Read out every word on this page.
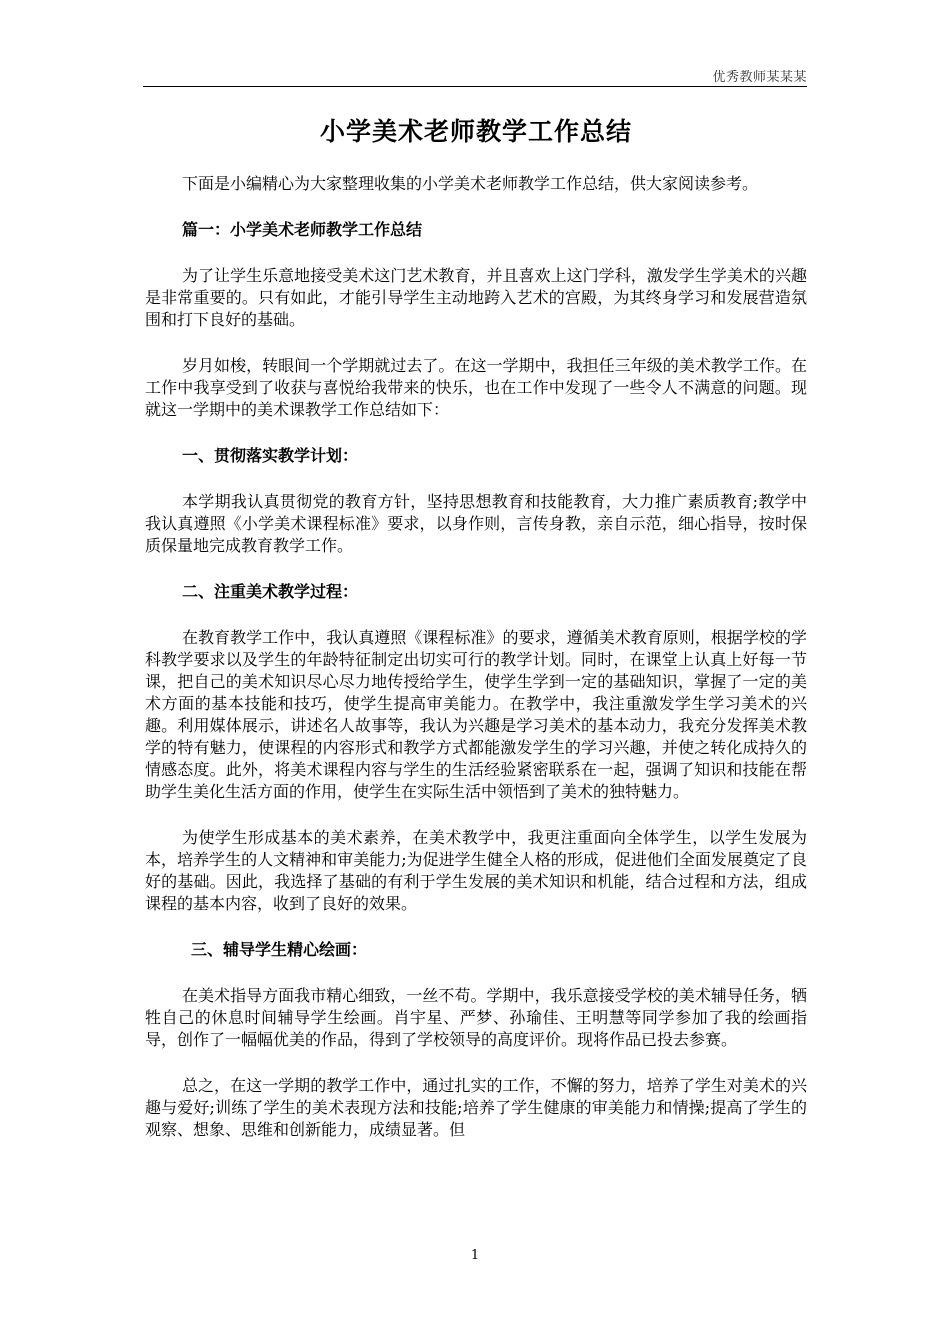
优秀教师某某某
小学美术老师教学工作总结

下面是小编精心为大家整理收集的小学美术老师教学工作总结，供大家阅读参考。

篇一：小学美术老师教学工作总结

为了让学生乐意地接受美术这门艺术教育，并且喜欢上这门学科，激发学生学美术的兴趣是非常重要的。只有如此，才能引导学生主动地跨入艺术的宫殿，为其终身学习和发展营造氛围和打下良好的基础。

岁月如梭，转眼间一个学期就过去了。在这一学期中，我担任三年级的美术教学工作。在工作中我享受到了收获与喜悦给我带来的快乐，也在工作中发现了一些令人不满意的问题。现就这一学期中的美术课教学工作总结如下：

一、贯彻落实教学计划：

本学期我认真贯彻党的教育方针，坚持思想教育和技能教育，大力推广素质教育;教学中我认真遵照《小学美术课程标准》要求，以身作则，言传身教，亲自示范，细心指导，按时保质保量地完成教育教学工作。

二、注重美术教学过程：

在教育教学工作中，我认真遵照《课程标准》的要求，遵循美术教育原则，根据学校的学科教学要求以及学生的年龄特征制定出切实可行的教学计划。同时，在课堂上认真上好每一节课，把自己的美术知识尽心尽力地传授给学生，使学生学到一定的基础知识，掌握了一定的美术方面的基本技能和技巧，使学生提高审美能力。在教学中，我注重激发学生学习美术的兴趣。利用媒体展示，讲述名人故事等，我认为兴趣是学习美术的基本动力，我充分发挥美术教学的特有魅力，使课程的内容形式和教学方式都能激发学生的学习兴趣，并使之转化成持久的情感态度。此外，将美术课程内容与学生的生活经验紧密联系在一起，强调了知识和技能在帮助学生美化生活方面的作用，使学生在实际生活中领悟到了美术的独特魅力。

为使学生形成基本的美术素养，在美术教学中，我更注重面向全体学生，以学生发展为本，培养学生的人文精神和审美能力;为促进学生健全人格的形成，促进他们全面发展奠定了良好的基础。因此，我选择了基础的有利于学生发展的美术知识和机能，结合过程和方法，组成课程的基本内容，收到了良好的效果。

三、辅导学生精心绘画：

在美术指导方面我市精心细致，一丝不苟。学期中，我乐意接受学校的美术辅导任务，牺牲自己的休息时间辅导学生绘画。肖宇星、严梦、孙瑜佳、王明慧等同学参加了我的绘画指导，创作了一幅幅优美的作品，得到了学校领导的高度评价。现将作品已投去参赛。

总之，在这一学期的教学工作中，通过扎实的工作，不懈的努力，培养了学生对美术的兴趣与爱好;训练了学生的美术表现方法和技能;培养了学生健康的审美能力和情操;提高了学生的观察、想象、思维和创新能力，成绩显著。但

1
